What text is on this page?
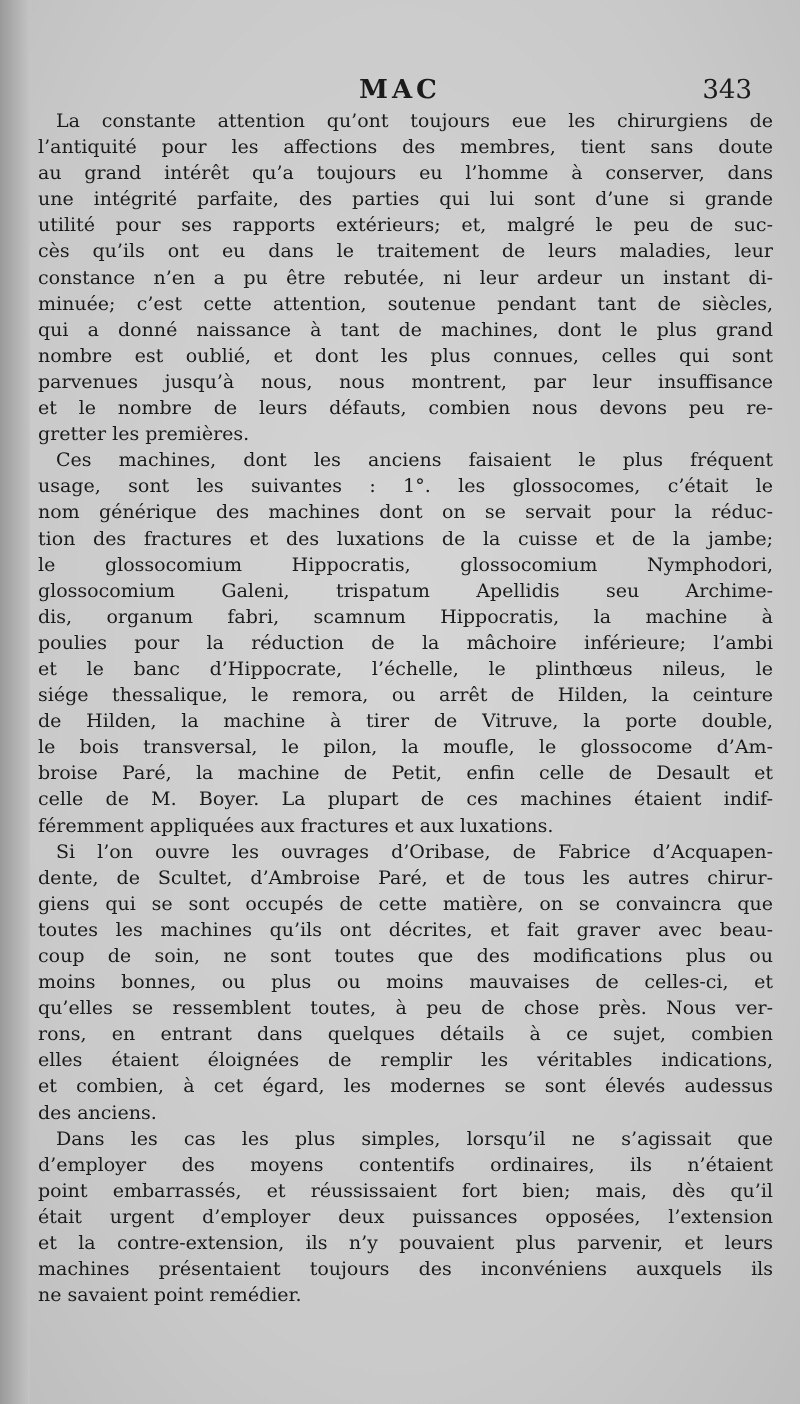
MAC	343
La constante attention qu’ont toujours eue les chirurgiens de
l’antiquité pour les affections des membres, tient sans doute
au grand intérêt qu’a toujours eu l’homme à conserver, dans
une intégrité parfaite, des parties qui lui sont d’une si grande
utilité pour ses rapports extérieurs; et, malgré le peu de suc-
cès qu’ils ont eu dans le traitement de leurs maladies, leur
constance n’en a pu être rebutée, ni leur ardeur un instant di-
minuée; c’est cette attention, soutenue pendant tant de siècles,
qui a donné naissance à tant de machines, dont le plus grand
nombre est oublié, et dont les plus connues, celles qui sont
parvenues jusqu’à nous, nous montrent, par leur insuffisance
et le nombre de leurs défauts, combien nous devons peu re-
gretter les premières.
Ces machines, dont les anciens faisaient le plus fréquent
usage, sont les suivantes : 1°. les glossocomes, c’était le
nom générique des machines dont on se servait pour la réduc-
tion des fractures et des luxations de la cuisse et de la jambe;
le glossocomium Hippocratis, glossocomium Nymphodori,
glossocomium Galeni, trispatum Apellidis seu Archime-
dis, organum fabri, scamnum Hippocratis, la machine à
poulies pour la réduction de la mâchoire inférieure; l’ambi
et le banc d’Hippocrate, l’échelle, le plinthœus nileus, le
siége thessalique, le remora, ou arrêt de Hilden, la ceinture
de Hilden, la machine à tirer de Vitruve, la porte double,
le bois transversal, le pilon, la moufle, le glossocome d’Am-
broise Paré, la machine de Petit, enfin celle de Desault et
celle de M. Boyer. La plupart de ces machines étaient indif-
féremment appliquées aux fractures et aux luxations.
Si l’on ouvre les ouvrages d’Oribase, de Fabrice d’Acquapen-
dente, de Scultet, d’Ambroise Paré, et de tous les autres chirur-
giens qui se sont occupés de cette matière, on se convaincra que
toutes les machines qu’ils ont décrites, et fait graver avec beau-
coup de soin, ne sont toutes que des modifications plus ou
moins bonnes, ou plus ou moins mauvaises de celles-ci, et
qu’elles se ressemblent toutes, à peu de chose près. Nous ver-
rons, en entrant dans quelques détails à ce sujet, combien
elles étaient éloignées de remplir les véritables indications,
et combien, à cet égard, les modernes se sont élevés audessus
des anciens.
Dans les cas les plus simples, lorsqu’il ne s’agissait que
d’employer des moyens contentifs ordinaires, ils n’étaient
point embarrassés, et réussissaient fort bien; mais, dès qu’il
était urgent d’employer deux puissances opposées, l’extension
et la contre-extension, ils n’y pouvaient plus parvenir, et leurs
machines présentaient toujours des inconvéniens auxquels ils
ne savaient point remédier.
